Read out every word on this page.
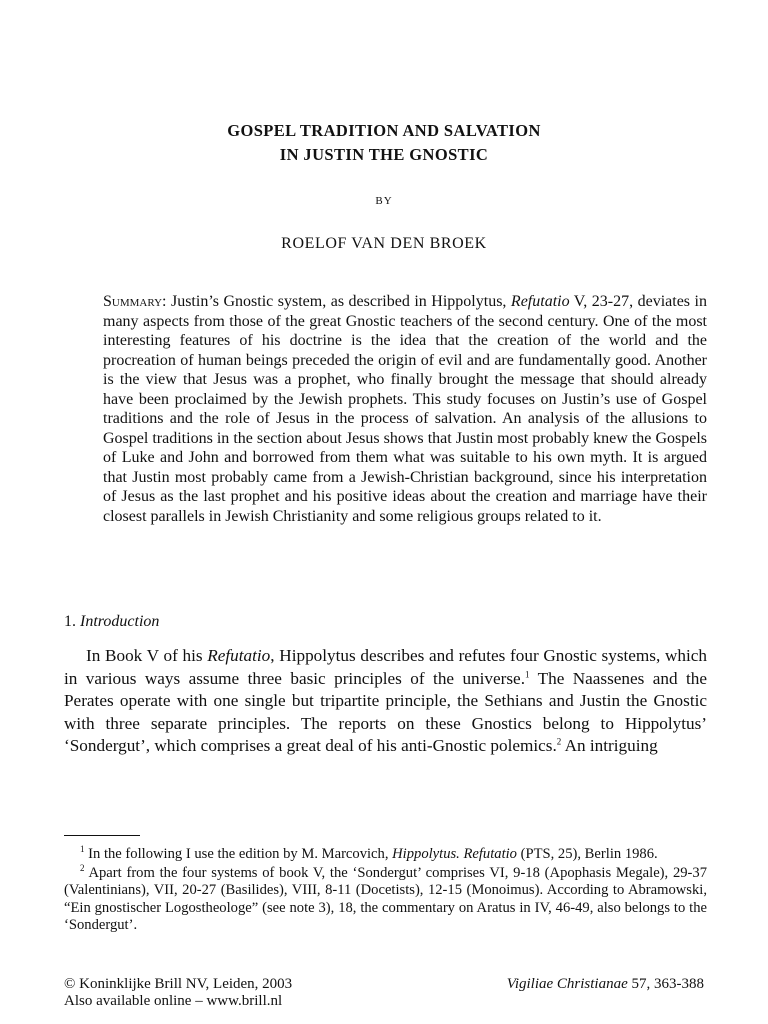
GOSPEL TRADITION AND SALVATION
IN JUSTIN THE GNOSTIC
BY
ROELOF VAN DEN BROEK
Summary: Justin’s Gnostic system, as described in Hippolytus, Refutatio V, 23-27, deviates in many aspects from those of the great Gnostic teachers of the second century. One of the most interesting features of his doctrine is the idea that the creation of the world and the procreation of human beings preceded the origin of evil and are fundamentally good. Another is the view that Jesus was a prophet, who finally brought the message that should already have been proclaimed by the Jewish prophets. This study focuses on Justin’s use of Gospel traditions and the role of Jesus in the process of salvation. An analysis of the allusions to Gospel traditions in the section about Jesus shows that Justin most probably knew the Gospels of Luke and John and borrowed from them what was suitable to his own myth. It is argued that Justin most probably came from a Jewish-Christian background, since his interpretation of Jesus as the last prophet and his positive ideas about the creation and marriage have their closest parallels in Jewish Christianity and some religious groups related to it.
1. Introduction

In Book V of his Refutatio, Hippolytus describes and refutes four Gnostic systems, which in various ways assume three basic principles of the universe.$^1$ The Naassenes and the Perates operate with one single but tripartite principle, the Sethians and Justin the Gnostic with three separate principles. The reports on these Gnostics belong to Hippolytus’ ‘Sondergut’, which comprises a great deal of his anti-Gnostic polemics.$^2$ An intriguing

$^1$ In the following I use the edition by M. Marcovich, Hippolytus. Refutatio (PTS, 25), Berlin 1986.

$^2$ Apart from the four systems of book V, the ‘Sondergut’ comprises VI, 9-18 (Apophasis Megale), 29-37 (Valentinians), VII, 20-27 (Basilides), VIII, 8-11 (Docetists), 12-15 (Monoimus). According to Abramowski, “Ein gnostischer Logostheologe” (see note 3), 18, the commentary on Aratus in IV, 46-49, also belongs to the ‘Sondergut’.

© Koninklijke Brill NV, Leiden, 2003
Also available online – www.brill.nl
Vigiliae Christianae 57, 363-388
